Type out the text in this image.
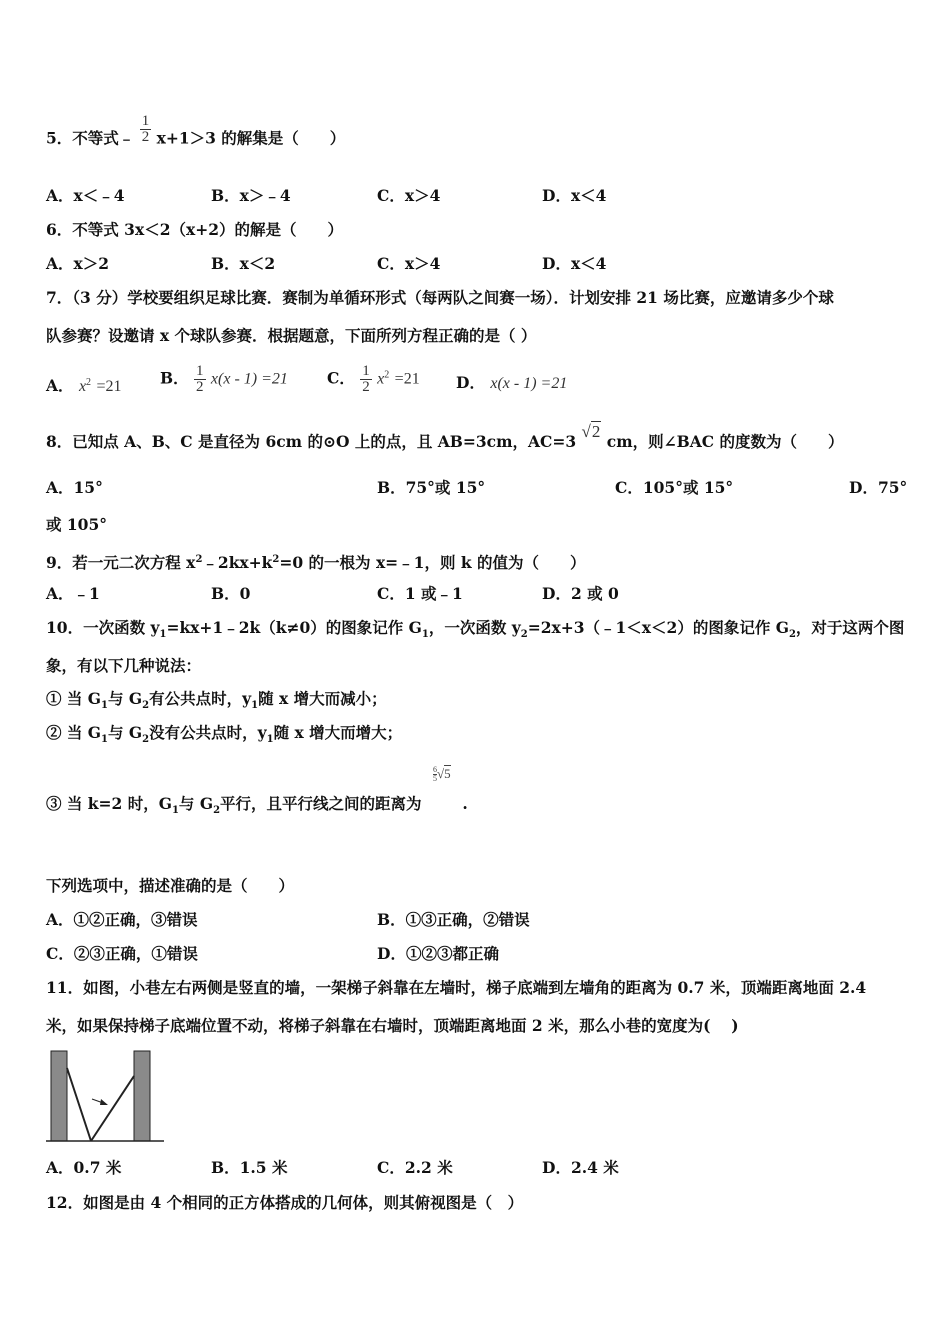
5．不等式﹣ $\frac{1}{2} x+1>3$ 的解集是（　　）
A．x＜﹣4	B．x＞﹣4	C．x＞4	D．x＜4
6．不等式 3x＜2（x+2）的解是（　　）
A．x＞2	B．x＜2	C．x＞4	D．x＜4
7．（3 分）学校要组织足球比赛．赛制为单循环形式（每两队之间赛一场）．计划安排 21 场比赛，应邀请多少个球
队参赛？设邀请 x 个球队参赛．根据题意，下面所列方程正确的是（ ）
A． $x^2 =21$ B． $\frac{1}{2} x(x - 1) =21$	C． $\frac{1}{2} x^2 =21$ D． x(x - 1) =21
8．已知点 A、B、C 是直径为 6cm 的⊙O 上的点，且 AB=3cm，AC=3 √2 cm，则∠BAC 的度数为（　　）
A．15°	B．75°或 15°	C．105°或 15°	D．75°
或 105°
9．若一元二次方程 $x^2﹣2kx+k^2=0$ 的一根为 x=﹣1，则 k 的值为（　　）
A．﹣1	B．0	C．1 或﹣1	D．2 或 0
10．一次函数 $y_1=kx+1﹣2k(k\ne 0)$的图象记作 $G_1$，一次函数 $y_2=2x+3(﹣1<x<2)$的图象记作 $G_2$，对于这两个图
象，有以下几种说法：
① 当 $G_1$与 $G_2$有公共点时，$y_1$随 x 增大而减小；
② 当 $G_1$与 $G_2$没有公共点时，$y_1$随 x 增大而增大；
③ 当 k=2 时，$G_1$与 $G_2$平行，且平行线之间的距离为	.
$\frac{6}{5} √5$
下列选项中，描述准确的是（　　）
A．①②正确，③错误	B．①③正确，②错误
C．②③正确，①错误	D．①②③都正确
11．如图，小巷左右两侧是竖直的墙，一架梯子斜靠在左墙时，梯子底端到左墙角的距离为 0.7 米，顶端距离地面 2.4
米，如果保持梯子底端位置不动，将梯子斜靠在右墙时，顶端距离地面 2 米，那么小巷的宽度为(　 )
A．0.7 米	B．1.5 米	C．2.2 米	D．2.4 米
12．如图是由 4 个相同的正方体搭成的几何体，则其俯视图是（　）
